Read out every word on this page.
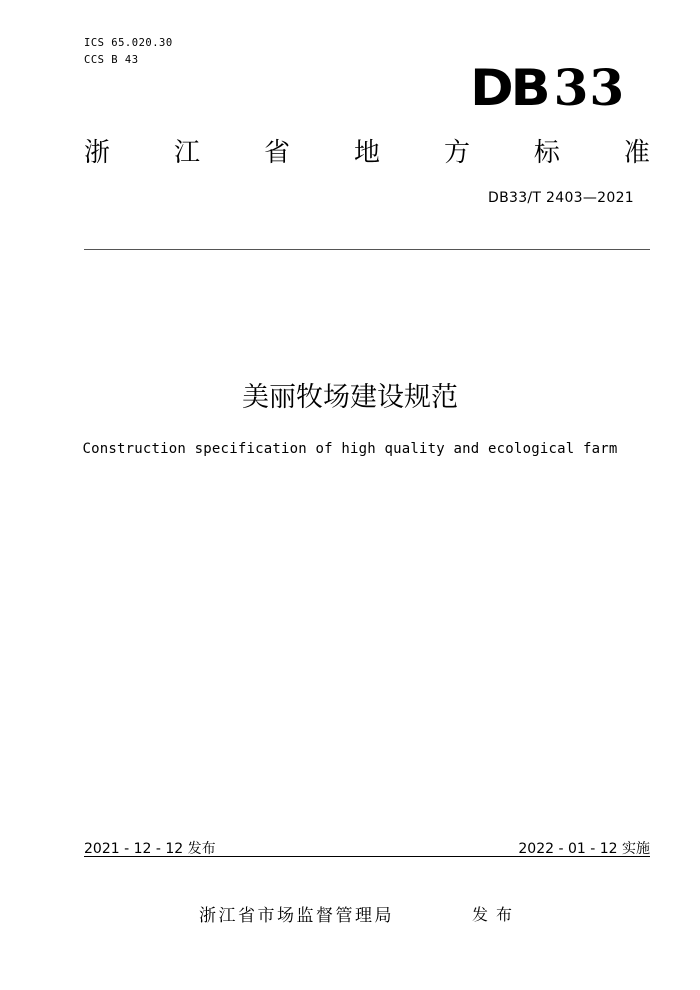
ICS 65.020.30
CCS B 43	DB 33
浙 江 省 地 方 标 准
DB33/T 2403—2021
美丽牧场建设规范
Construction specification of high quality and ecological farm
2021 - 12 - 12 发布	2022 - 01 - 12 实施
浙江省市场监督管理局	发布
